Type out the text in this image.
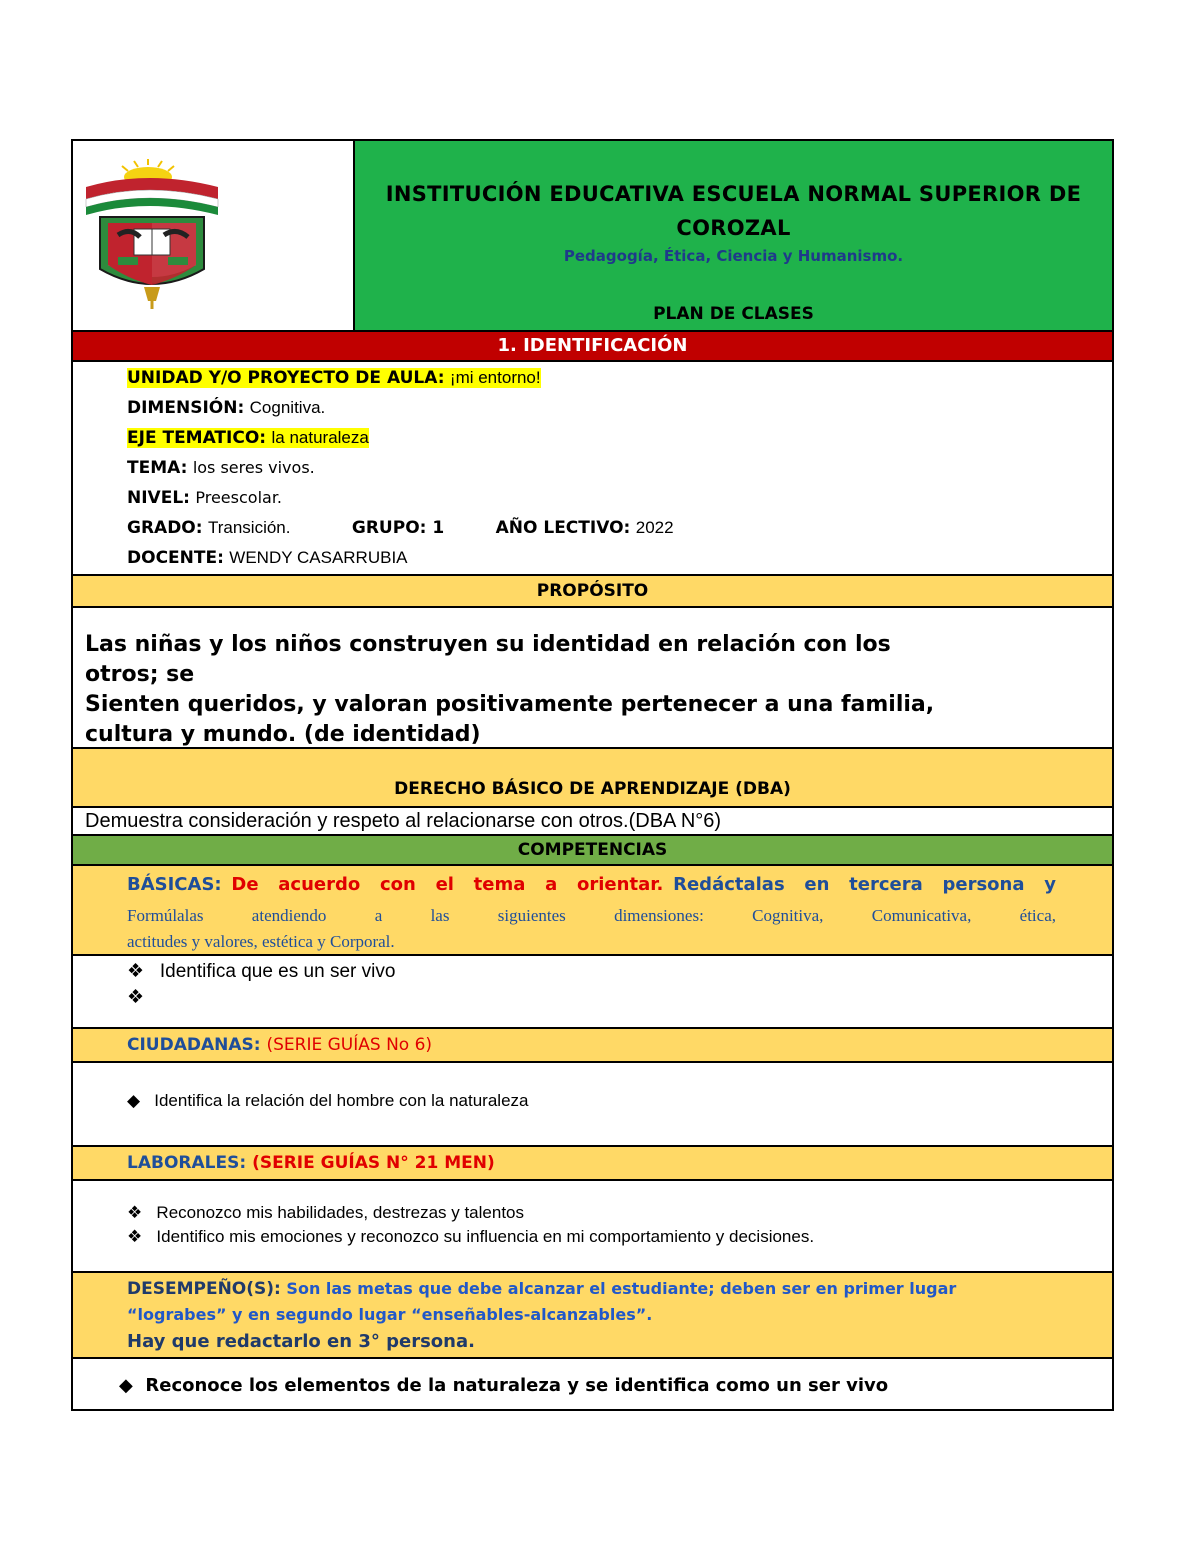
INSTITUCIÓN EDUCATIVA ESCUELA NORMAL SUPERIOR DE COROZAL
Pedagogía, Ética, Ciencia y Humanismo.
PLAN DE CLASES
1. IDENTIFICACIÓN
UNIDAD Y/O PROYECTO DE AULA: ¡mi entorno!
DIMENSIÓN: Cognitiva.
EJE TEMATICO: la naturaleza
TEMA: los seres vivos.
NIVEL: Preescolar.
GRADO: Transición.	GRUPO: 1	AÑO LECTIVO: 2022
DOCENTE: WENDY CASARRUBIA
PROPÓSITO
Las niñas y los niños construyen su identidad en relación con los
otros; se
Sienten queridos, y valoran positivamente pertenecer a una familia,
cultura y mundo. (de identidad)
DERECHO BÁSICO DE APRENDIZAJE (DBA)
Demuestra consideración y respeto al relacionarse con otros.(DBA N°6)
COMPETENCIAS
BÁSICAS: De acuerdo con el tema a orientar. Redáctalas en tercera persona y
Formúlalas atendiendo a las siguientes dimensiones: Cognitiva, Comunicativa, ética,
actitudes y valores, estética y Corporal.
❖   Identifica que es un ser vivo
❖
CIUDADANAS: (SERIE GUÍAS No 6)
◆   Identifica la relación del hombre con la naturaleza
LABORALES: (SERIE GUÍAS N° 21 MEN)
❖   Reconozco mis habilidades, destrezas y talentos
❖   Identifico mis emociones y reconozco su influencia en mi comportamiento y decisiones.
DESEMPEÑO(S): Son las metas que debe alcanzar el estudiante; deben ser en primer lugar
“lograbes” y en segundo lugar “enseñables-alcanzables”.
Hay que redactarlo en 3° persona.
◆  Reconoce los elementos de la naturaleza y se identifica como un ser vivo
